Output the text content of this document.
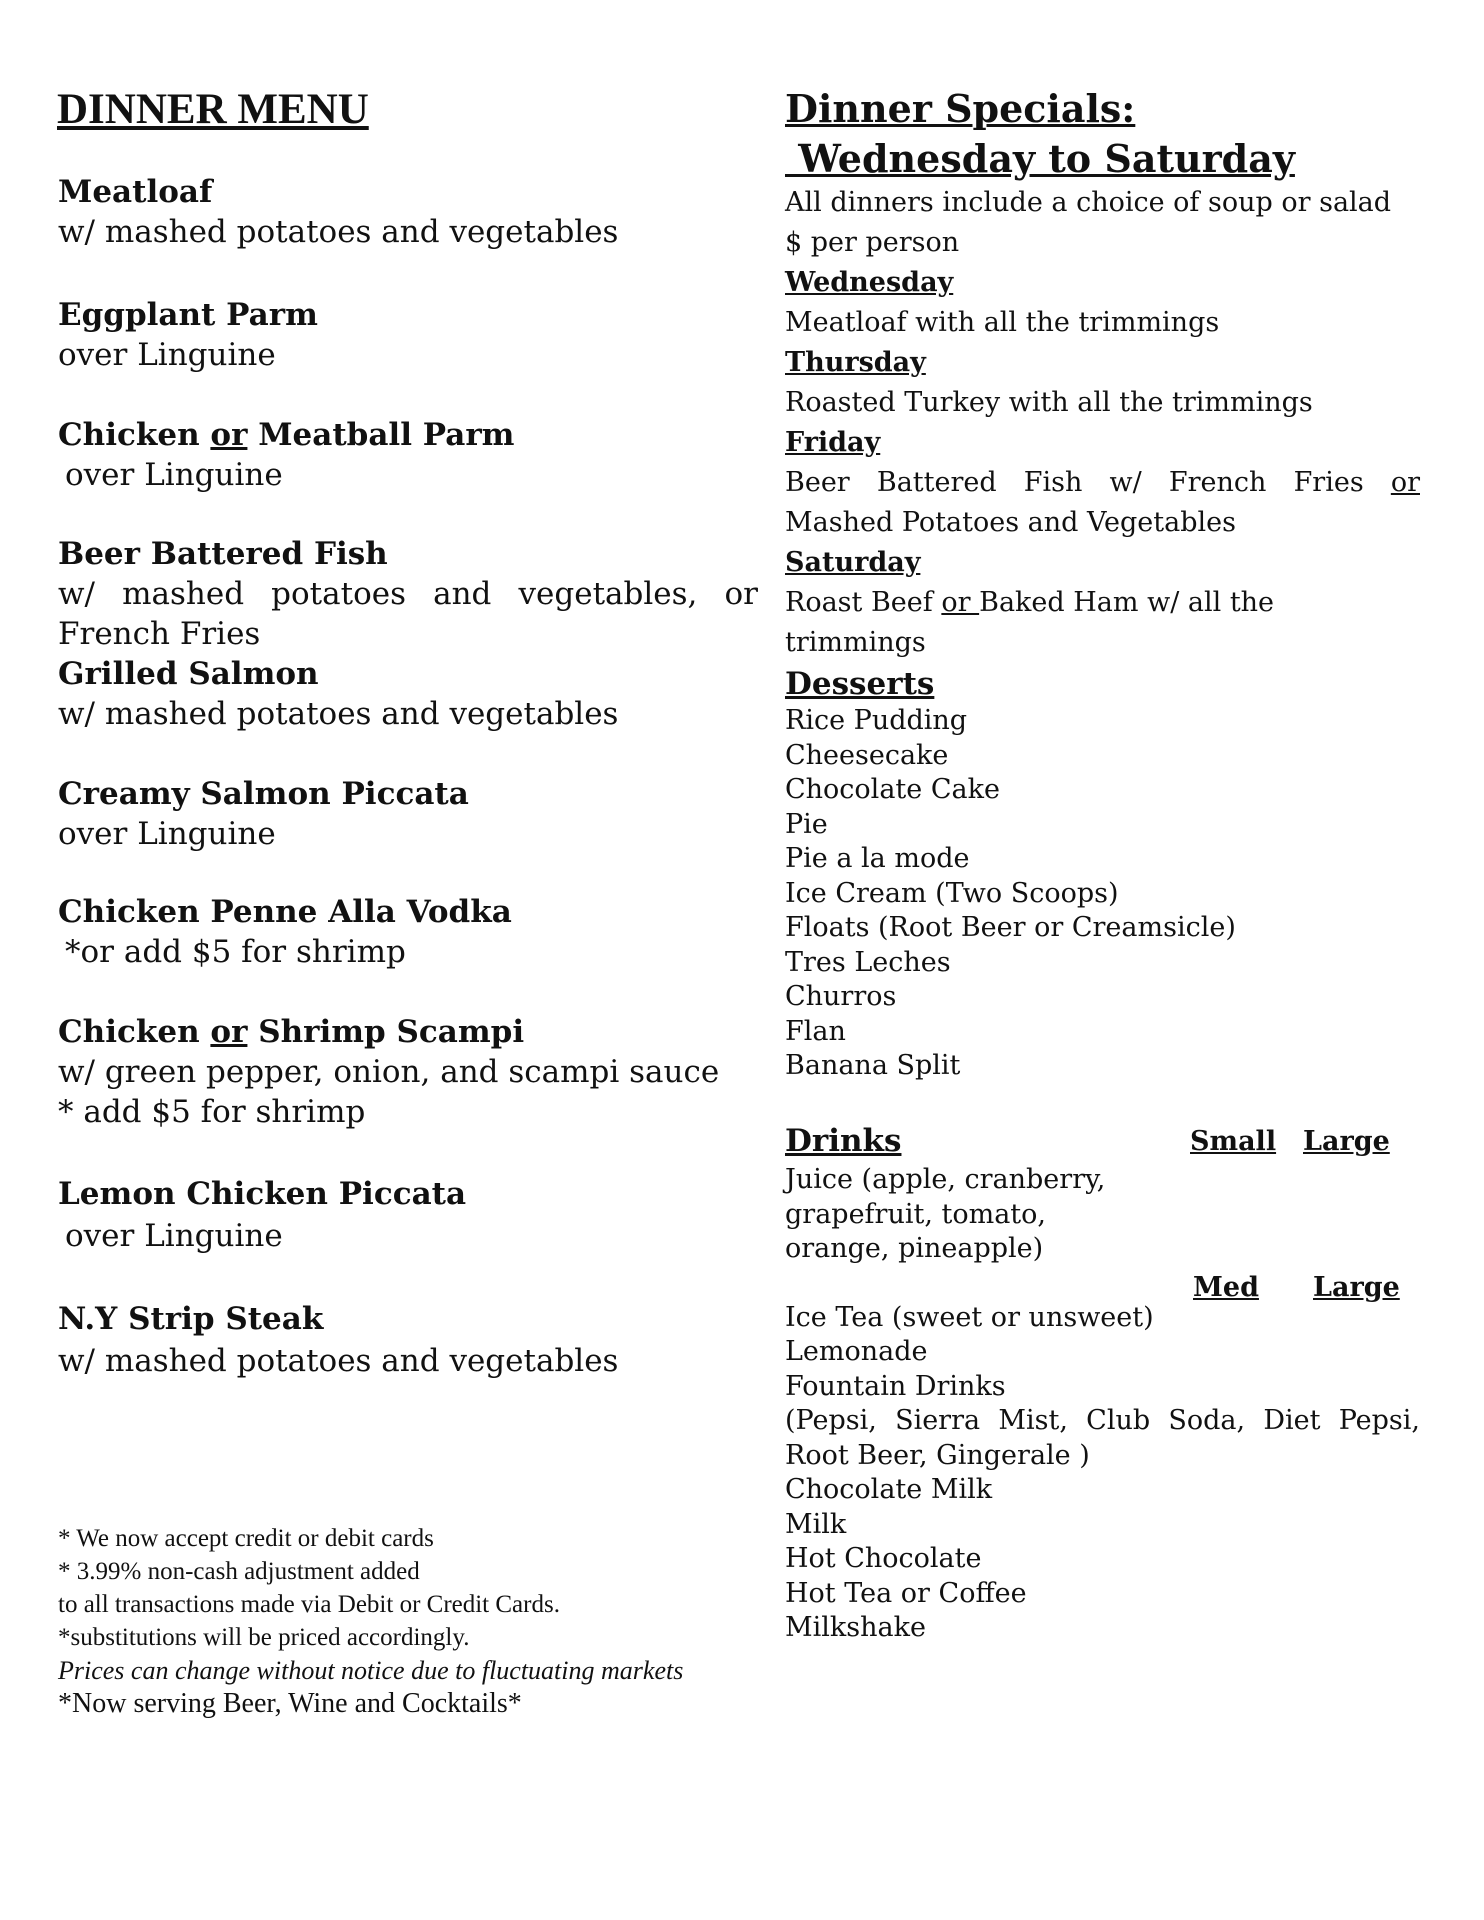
DINNER MENU
Meatloaf
w/ mashed potatoes and vegetables
Eggplant Parm
over Linguine
Chicken or Meatball Parm
over Linguine
Beer Battered Fish
w/ mashed potatoes and vegetables, or French Fries
Grilled Salmon
w/ mashed potatoes and vegetables
Creamy Salmon Piccata
over Linguine
Chicken Penne Alla Vodka
*or add $5 for shrimp
Chicken or Shrimp Scampi
w/ green pepper, onion, and scampi sauce
* add $5 for shrimp
Lemon Chicken Piccata
over Linguine
N.Y Strip Steak
w/ mashed potatoes and vegetables
* We now accept credit or debit cards
* 3.99% non-cash adjustment added
to all transactions made via Debit or Credit Cards.
*substitutions will be priced accordingly.
Prices can change without notice due to fluctuating markets
*Now serving Beer, Wine and Cocktails*
Dinner Specials:
Wednesday to Saturday
All dinners include a choice of soup or salad
$ per person
Wednesday
Meatloaf with all the trimmings
Thursday
Roasted Turkey with all the trimmings
Friday
Beer Battered Fish w/ French Fries or Mashed Potatoes and Vegetables
Saturday
Roast Beef or Baked Ham w/ all the trimmings
Desserts
Rice Pudding
Cheesecake
Chocolate Cake
Pie
Pie a la mode
Ice Cream (Two Scoops)
Floats (Root Beer or Creamsicle)
Tres Leches
Churros
Flan
Banana Split
Drinks	Small Large
Juice (apple, cranberry,
grapefruit, tomato,
orange, pineapple)
Med Large
Ice Tea (sweet or unsweet)
Lemonade
Fountain Drinks
(Pepsi, Sierra Mist, Club Soda, Diet Pepsi, Root Beer, Gingerale )
Chocolate Milk
Milk
Hot Chocolate
Hot Tea or Coffee
Milkshake
